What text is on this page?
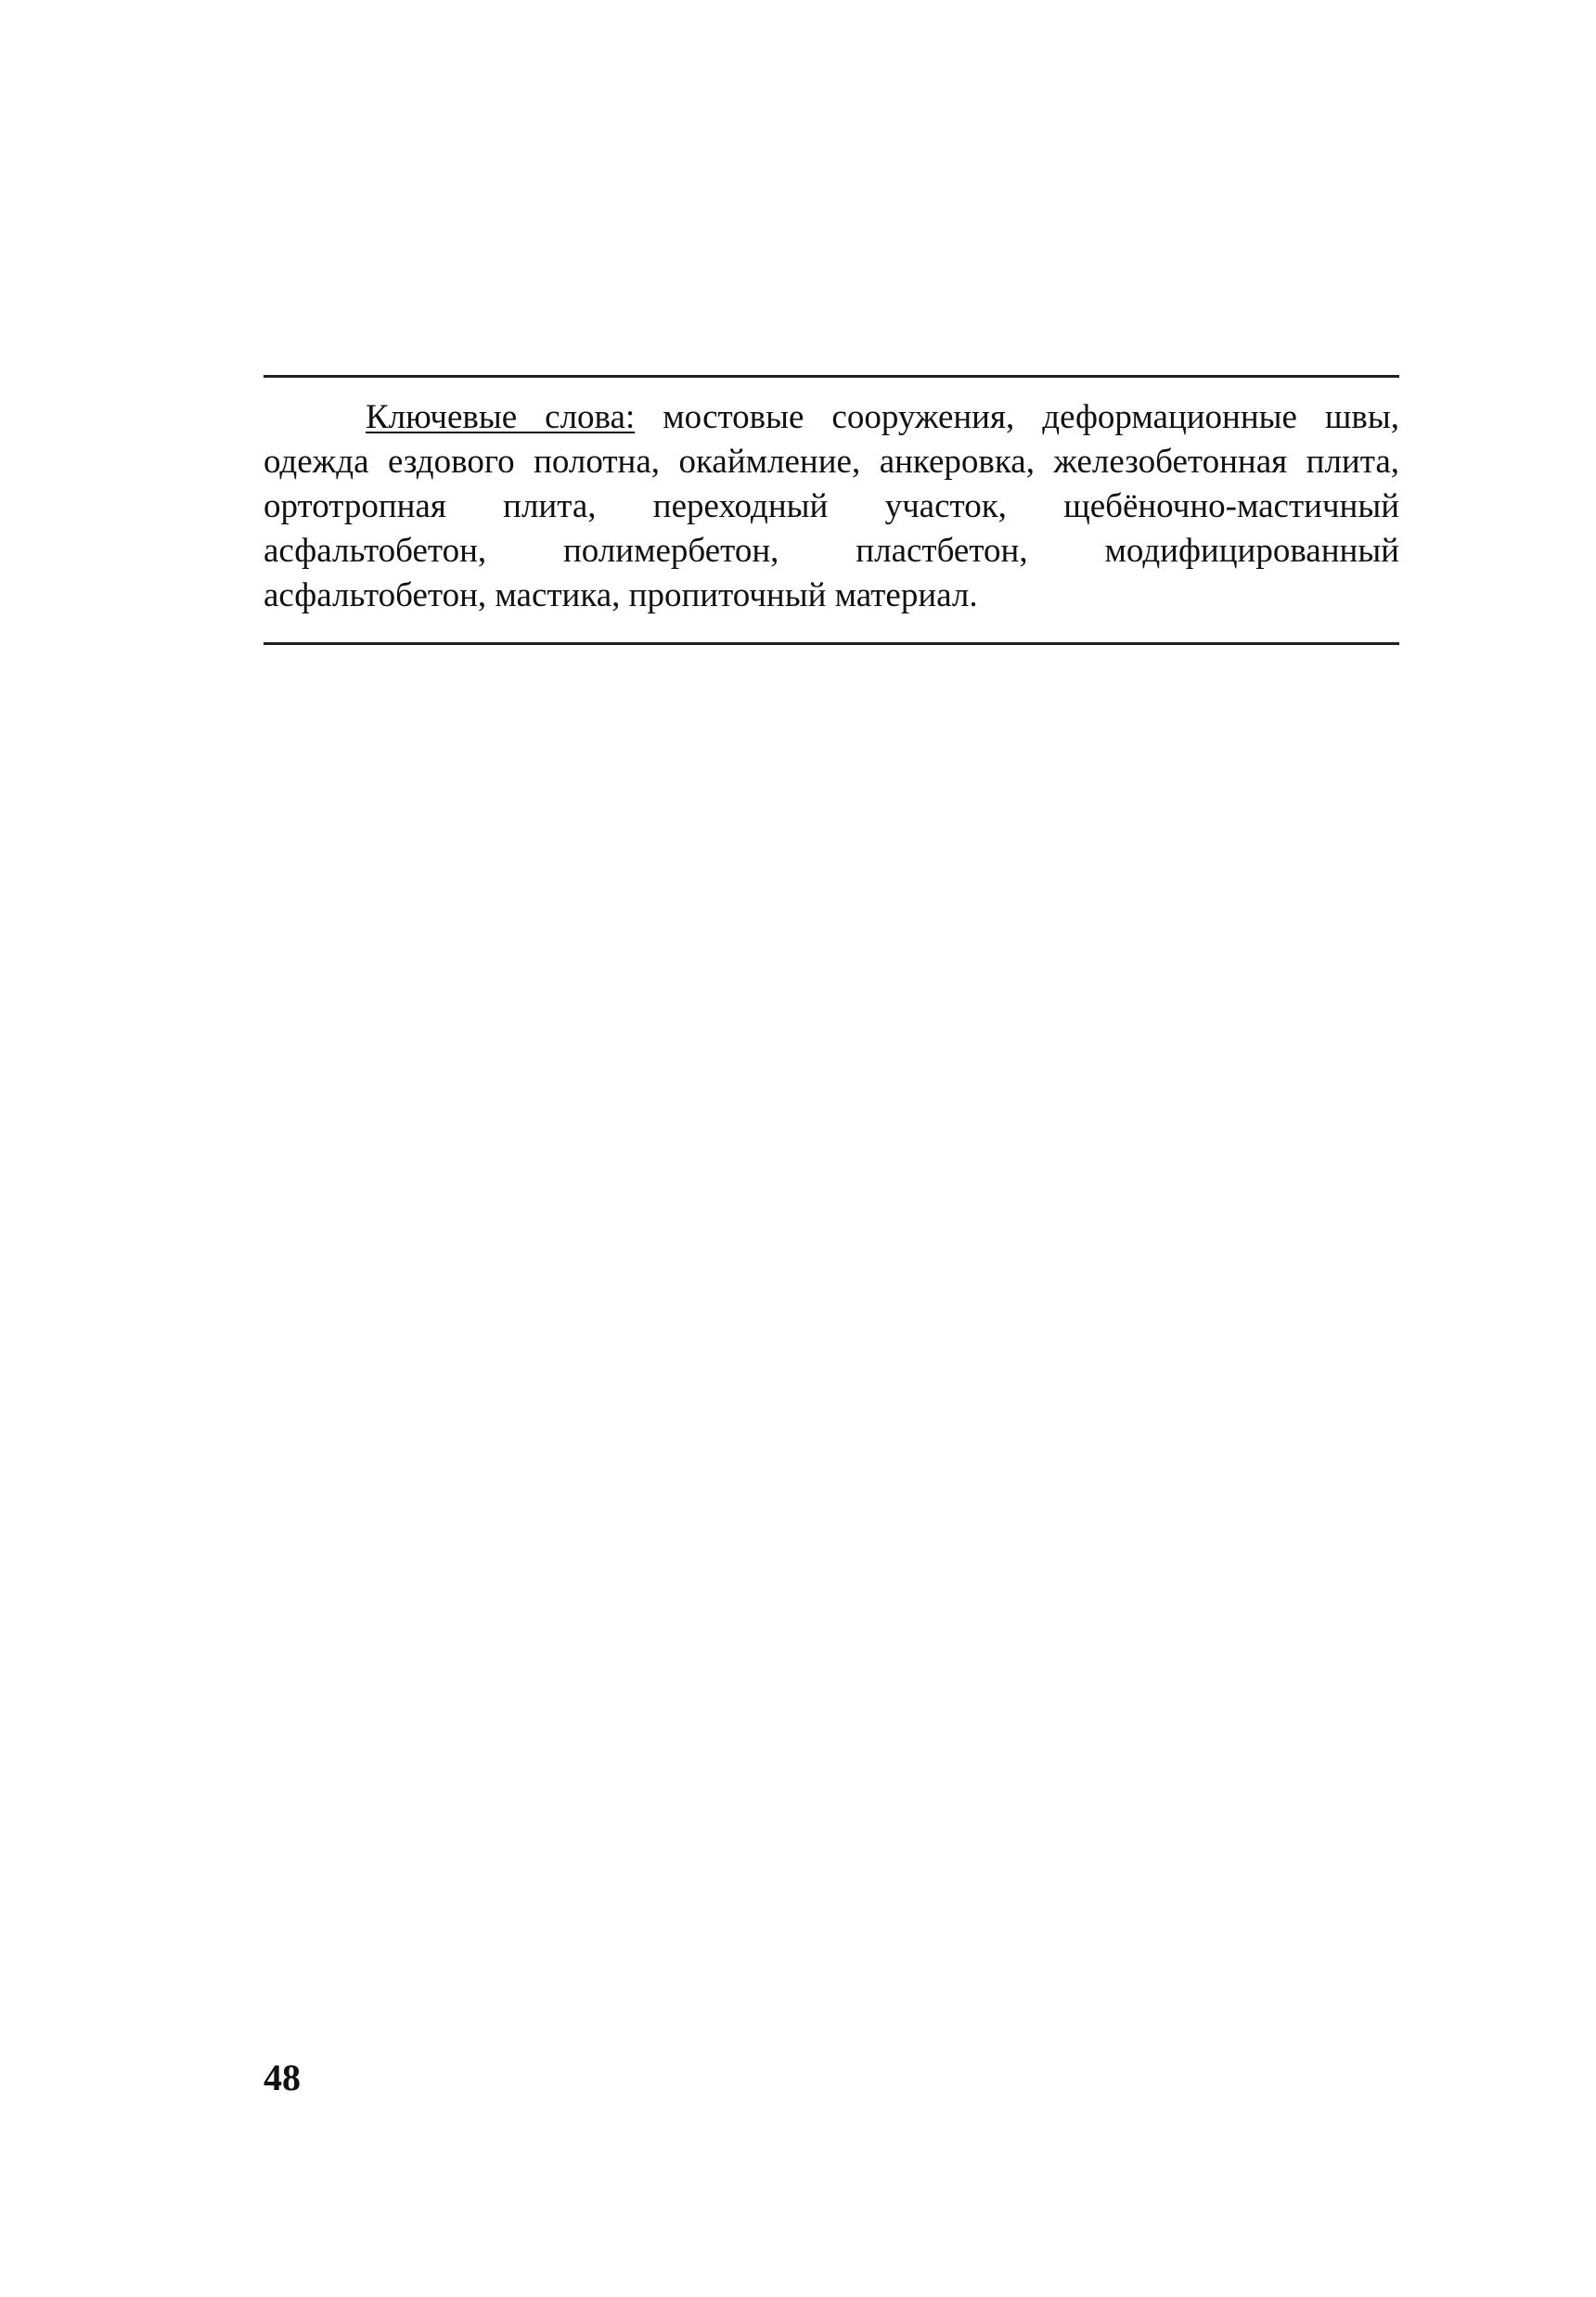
Ключевые слова: мостовые сооружения, деформационные швы, одежда ездового полотна, окаймление, анкеровка, железобетонная плита, ортотропная плита, переходный участок, щебёночно-мастичный асфальтобетон, полимербетон, пластбетон, модифицированный асфальтобетон, мастика, пропиточный материал.

48
